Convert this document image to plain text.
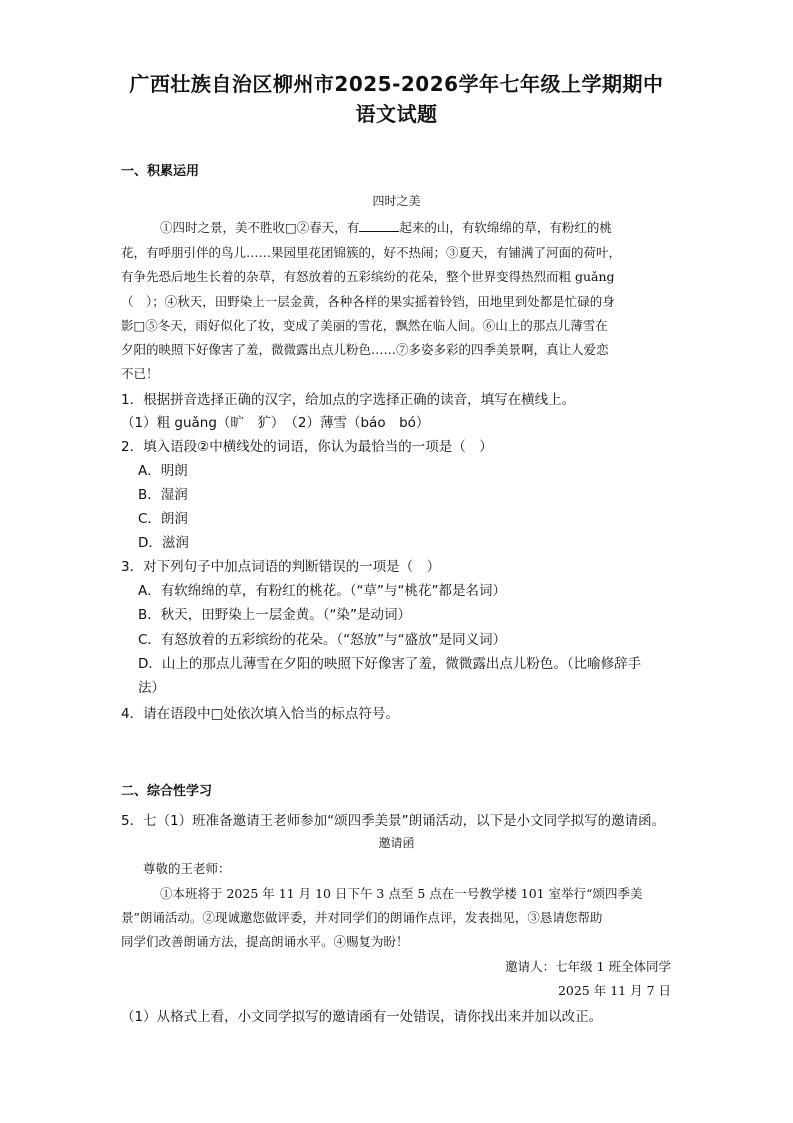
广西壮族自治区柳州市2025-2026学年七年级上学期期中
语文试题
一、积累运用
四时之美
①四时之景，美不胜收□②春天，有	起来的山，有软绵绵的草，有粉红的桃
花，有呼朋引伴的鸟儿……果园里花团锦簇的，好不热闹；③夏天，有铺满了河面的荷叶，
有争先恐后地生长着的杂草，有怒放着的五彩缤纷的花朵，整个世界变得热烈而粗 guǎng
（　）；④秋天，田野染上一层金黄，各种各样的果实摇着铃铛，田地里到处都是忙碌的身
影□⑤冬天，雨好似化了妆，变成了美丽的雪花，飘然在临人间。⑥山上的那点儿薄雪在
夕阳的映照下好像害了羞，微微露出点儿粉色……⑦多姿多彩的四季美景啊，真让人爱恋
不已！
1．根据拼音选择正确的汉字，给加点的字选择正确的读音，填写在横线上。
（1）粗 guǎng（旷　犷）　（2）薄雪（báo　bó）
2．填入语段②中横线处的词语，你认为最恰当的一项是（　）
A．明朗
B．湿润
C．朗润
D．滋润
3．对下列句子中加点词语的判断错误的一项是（　）
A．有软绵绵的草，有粉红的桃花。（“草”与“桃花”都是名词）
B．秋天，田野染上一层金黄。（“染”是动词）
C．有怒放着的五彩缤纷的花朵。（“怒放”与“盛放”是同义词）
D．山上的那点儿薄雪在夕阳的映照下好像害了羞，微微露出点儿粉色。（比喻修辞手
法）
4．请在语段中□处依次填入恰当的标点符号。
二、综合性学习
5．七（1）班准备邀请王老师参加“颂四季美景”朗诵活动，以下是小文同学拟写的邀请函。
邀请函
尊敬的王老师：
①本班将于 2025 年 11 月 10 日下午 3 点至 5 点在一号教学楼 101 室举行“颂四季美
景”朗诵活动。②现诚邀您做评委，并对同学们的朗诵作点评，发表拙见，③恳请您帮助
同学们改善朗诵方法，提高朗诵水平。④赐复为盼！
邀请人：七年级 1 班全体同学
2025 年 11 月 7 日
（1）从格式上看，小文同学拟写的邀请函有一处错误，请你找出来并加以改正。
